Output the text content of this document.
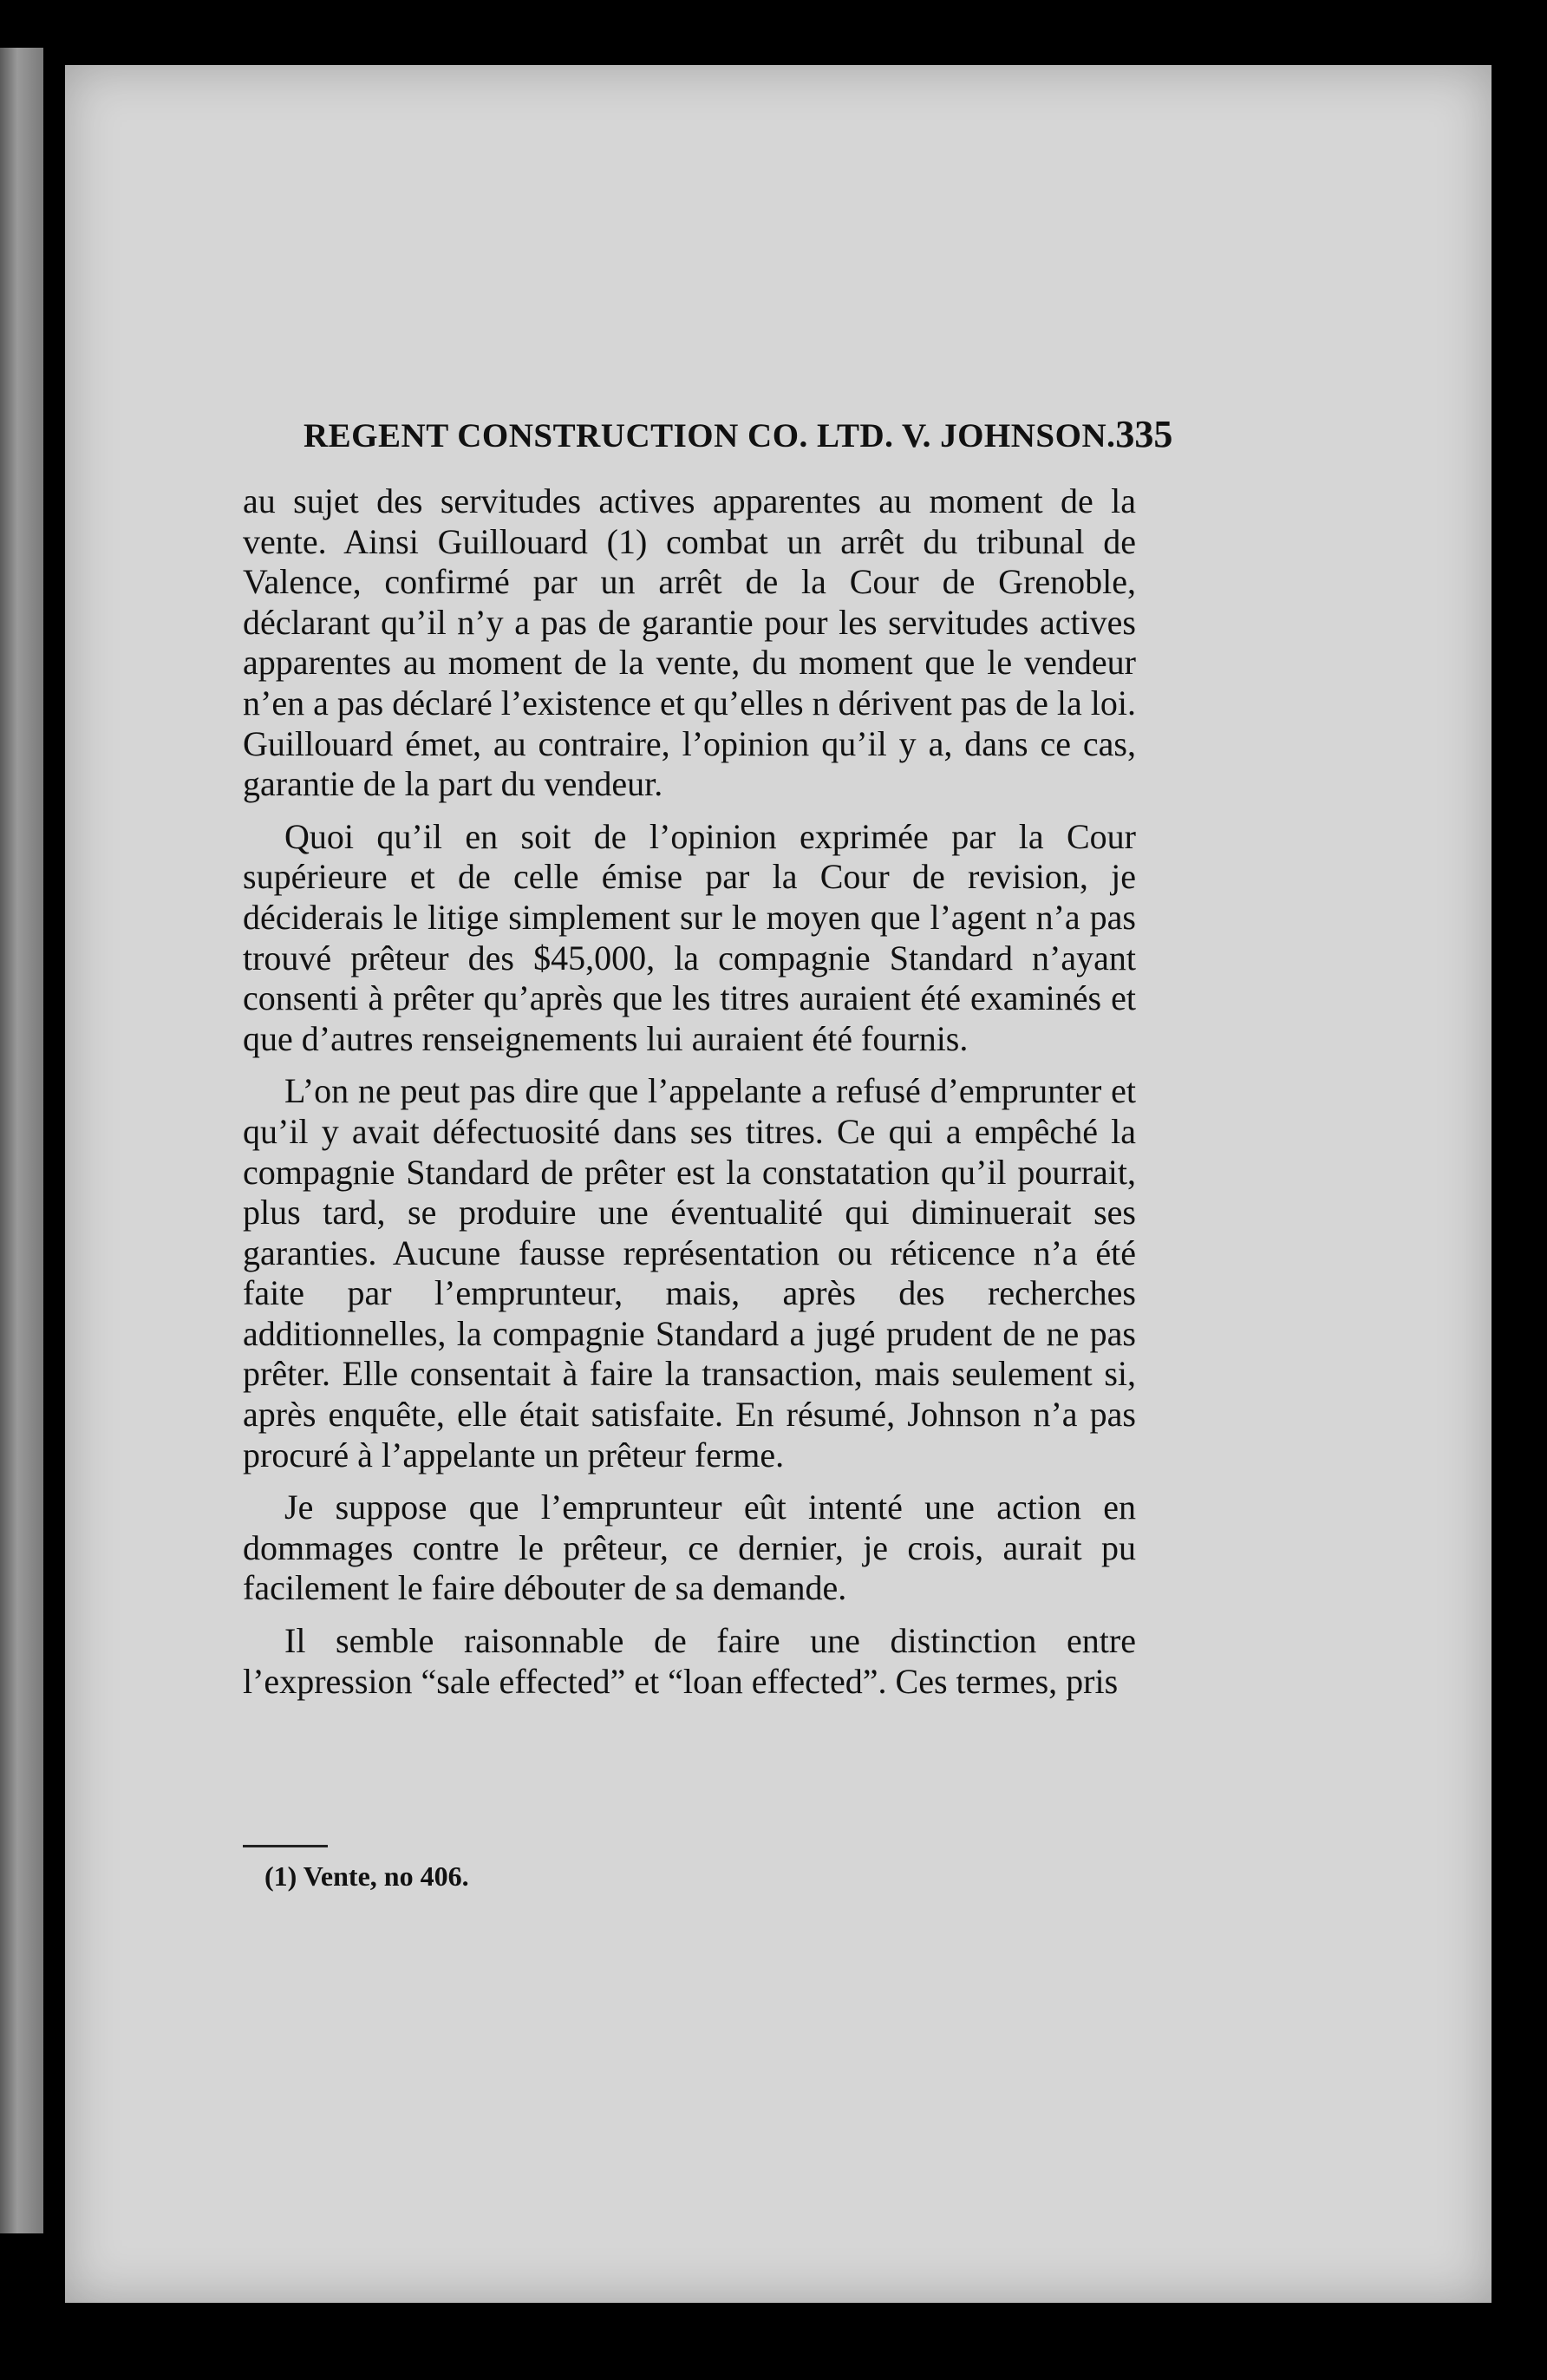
REGENT CONSTRUCTION CO. LTD. V. JOHNSON. 335

au sujet des servitudes actives apparentes au moment de la vente. Ainsi Guillouard (1) combat un arrêt du tribunal de Valence, confirmé par un arrêt de la Cour de Grenoble, déclarant qu’il n’y a pas de garantie pour les servitudes actives apparentes au moment de la vente, du moment que le vendeur n’en a pas déclaré l’existence et qu’elles n dérivent pas de la loi. Guillouard émet, au contraire, l’opinion qu’il y a, dans ce cas, garantie de la part du vendeur.

Quoi qu’il en soit de l’opinion exprimée par la Cour supérieure et de celle émise par la Cour de revision, je déciderais le litige simplement sur le moyen que l’agent n’a pas trouvé prêteur des $45,000, la compagnie Standard n’ayant consenti à prêter qu’après que les titres auraient été examinés et que d’autres renseignements lui auraient été fournis.

L’on ne peut pas dire que l’appelante a refusé d’emprunter et qu’il y avait défectuosité dans ses titres. Ce qui a empêché la compagnie Standard de prêter est la constatation qu’il pourrait, plus tard, se produire une éventualité qui diminuerait ses garanties. Aucune fausse représentation ou réticence n’a été faite par l’emprunteur, mais, après des recherches additionnelles, la compagnie Standard a jugé prudent de ne pas prêter. Elle consentait à faire la transaction, mais seulement si, après enquête, elle était satisfaite. En résumé, Johnson n’a pas procuré à l’appelante un prêteur ferme.

Je suppose que l’emprunteur eût intenté une action en dommages contre le prêteur, ce dernier, je crois, aurait pu facilement le faire débouter de sa demande.

Il semble raisonnable de faire une distinction entre l’expression “sale effected” et “loan effected”. Ces termes, pris

(1) Vente, no 406.
